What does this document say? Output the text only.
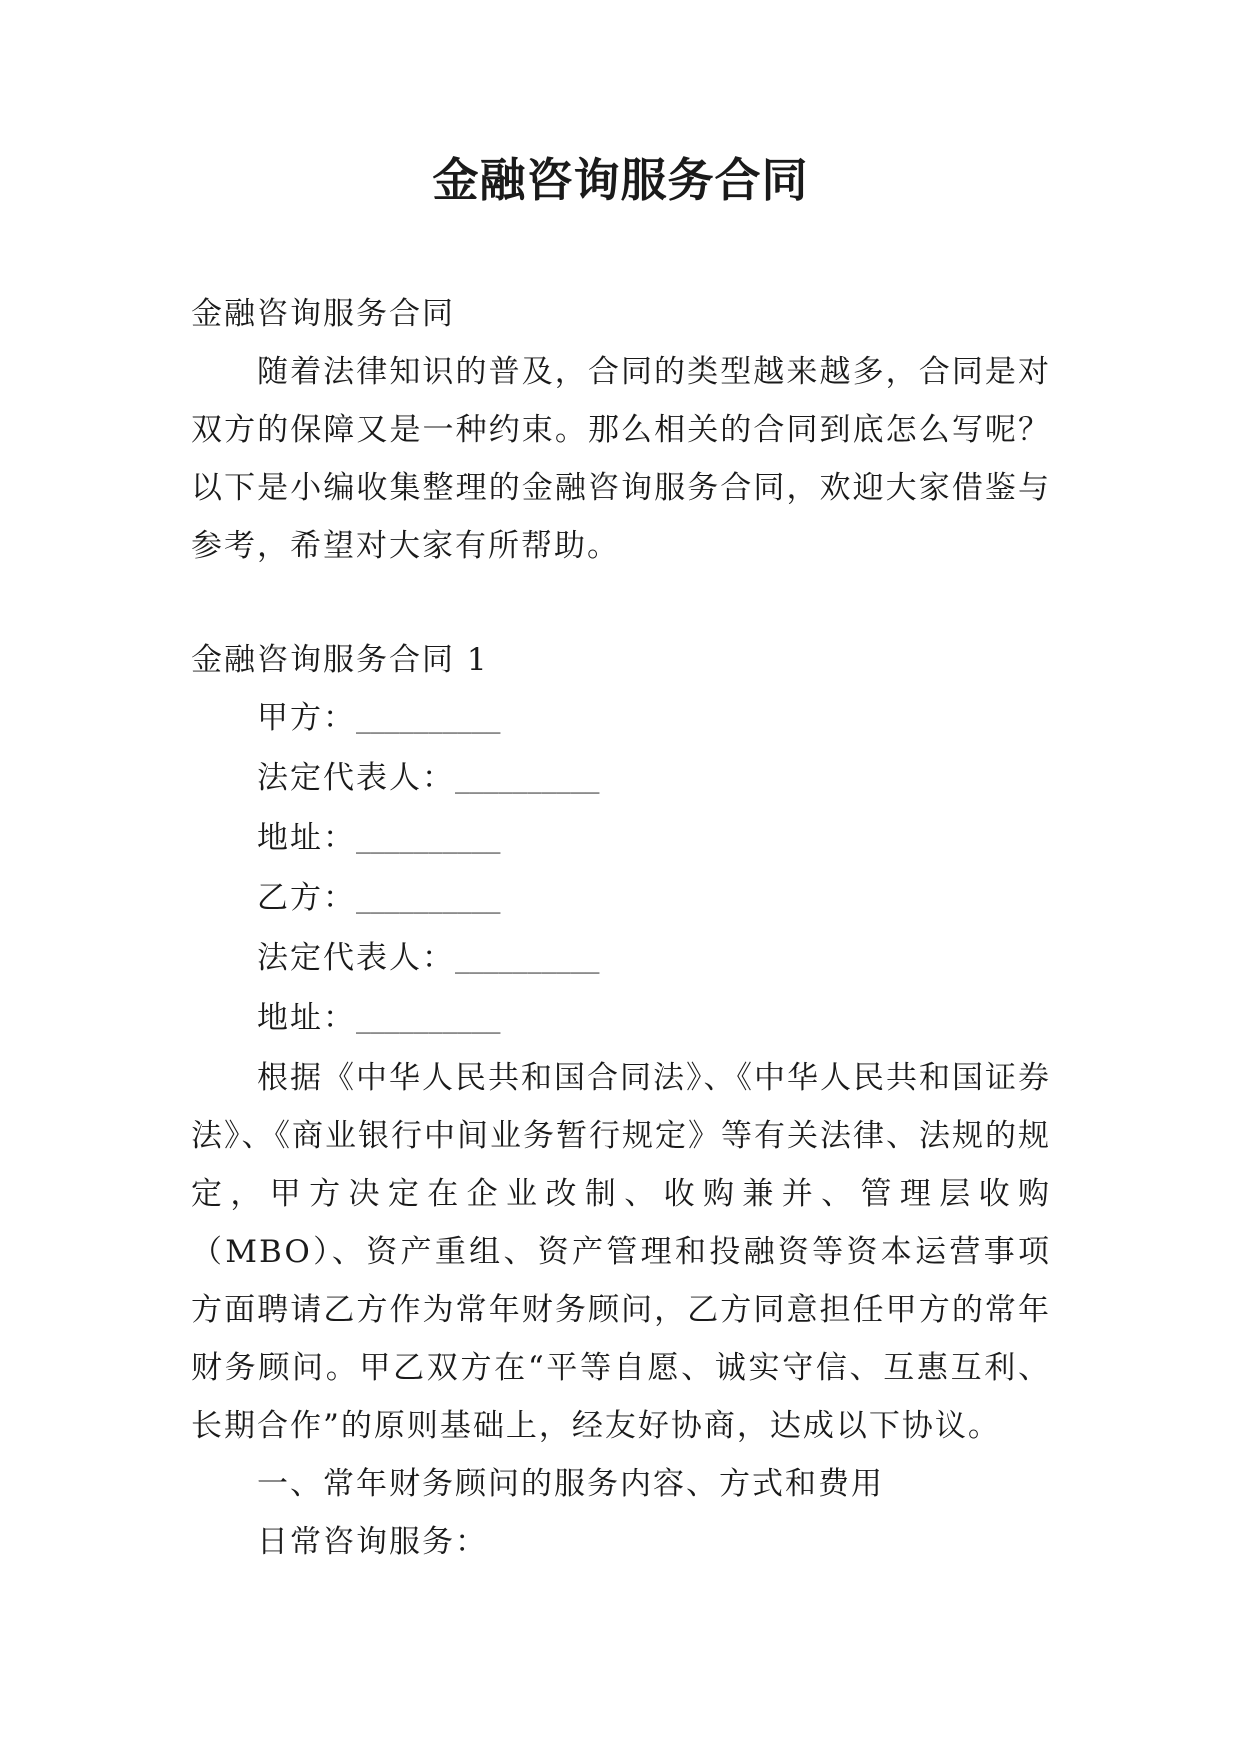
金融咨询服务合同

金融咨询服务合同

随着法律知识的普及，合同的类型越来越多，合同是对双方的保障又是一种约束。那么相关的合同到底怎么写呢？以下是小编收集整理的金融咨询服务合同，欢迎大家借鉴与参考，希望对大家有所帮助。

金融咨询服务合同 1

甲方：__________

法定代表人：__________

地址：__________

乙方：__________

法定代表人：__________

地址：__________

根据《中华人民共和国合同法》、《中华人民共和国证券法》、《商业银行中间业务暂行规定》等有关法律、法规的规定，甲方决定在企业改制、收购兼并、管理层收购（MBO）、资产重组、资产管理和投融资等资本运营事项方面聘请乙方作为常年财务顾问，乙方同意担任甲方的常年财务顾问。甲乙双方在“平等自愿、诚实守信、互惠互利、长期合作”的原则基础上，经友好协商，达成以下协议。

一、常年财务顾问的服务内容、方式和费用

日常咨询服务：
